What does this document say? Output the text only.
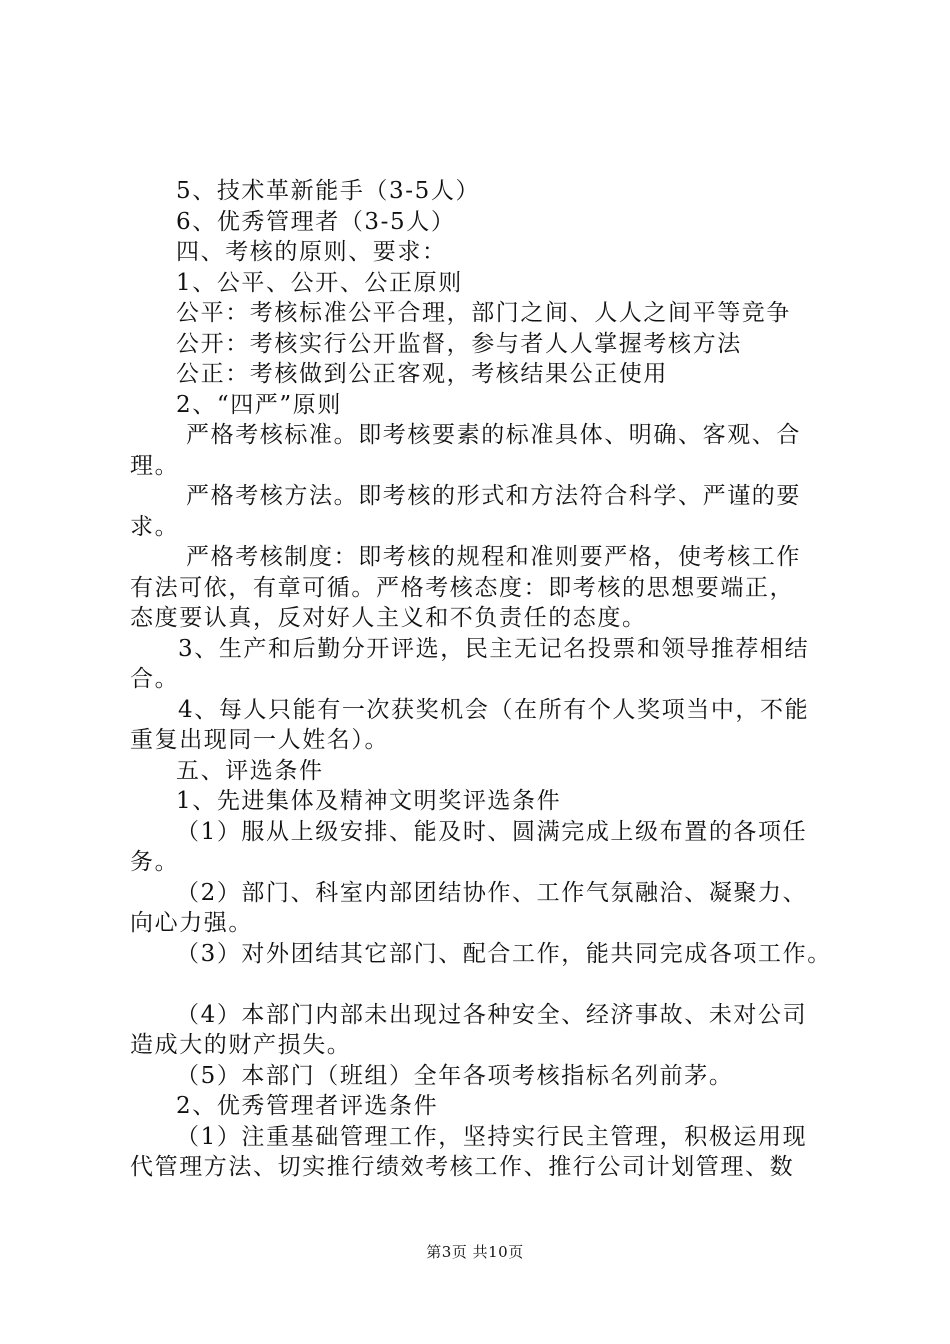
5、技术革新能手（3-5人）
6、优秀管理者（3-5人）
四、考核的原则、要求：
1、公平、公开、公正原则
公平：考核标准公平合理，部门之间、人人之间平等竞争
公开：考核实行公开监督，参与者人人掌握考核方法
公正：考核做到公正客观，考核结果公正使用
2、“四严”原则
严格考核标准。即考核要素的标准具体、明确、客观、合
理。
严格考核方法。即考核的形式和方法符合科学、严谨的要
求。
严格考核制度：即考核的规程和准则要严格，使考核工作
有法可依，有章可循。严格考核态度：即考核的思想要端正，
态度要认真，反对好人主义和不负责任的态度。
3、生产和后勤分开评选，民主无记名投票和领导推荐相结
合。
4、每人只能有一次获奖机会（在所有个人奖项当中，不能
重复出现同一人姓名）。
五、评选条件
1、先进集体及精神文明奖评选条件
（1）服从上级安排、能及时、圆满完成上级布置的各项任
务。
（2）部门、科室内部团结协作、工作气氛融洽、凝聚力、
向心力强。
（3）对外团结其它部门、配合工作，能共同完成各项工作。
（4）本部门内部未出现过各种安全、经济事故、未对公司
造成大的财产损失。
（5）本部门（班组）全年各项考核指标名列前茅。
2、优秀管理者评选条件
（1）注重基础管理工作，坚持实行民主管理，积极运用现
代管理方法、切实推行绩效考核工作、推行公司计划管理、数
第3页 共10页
